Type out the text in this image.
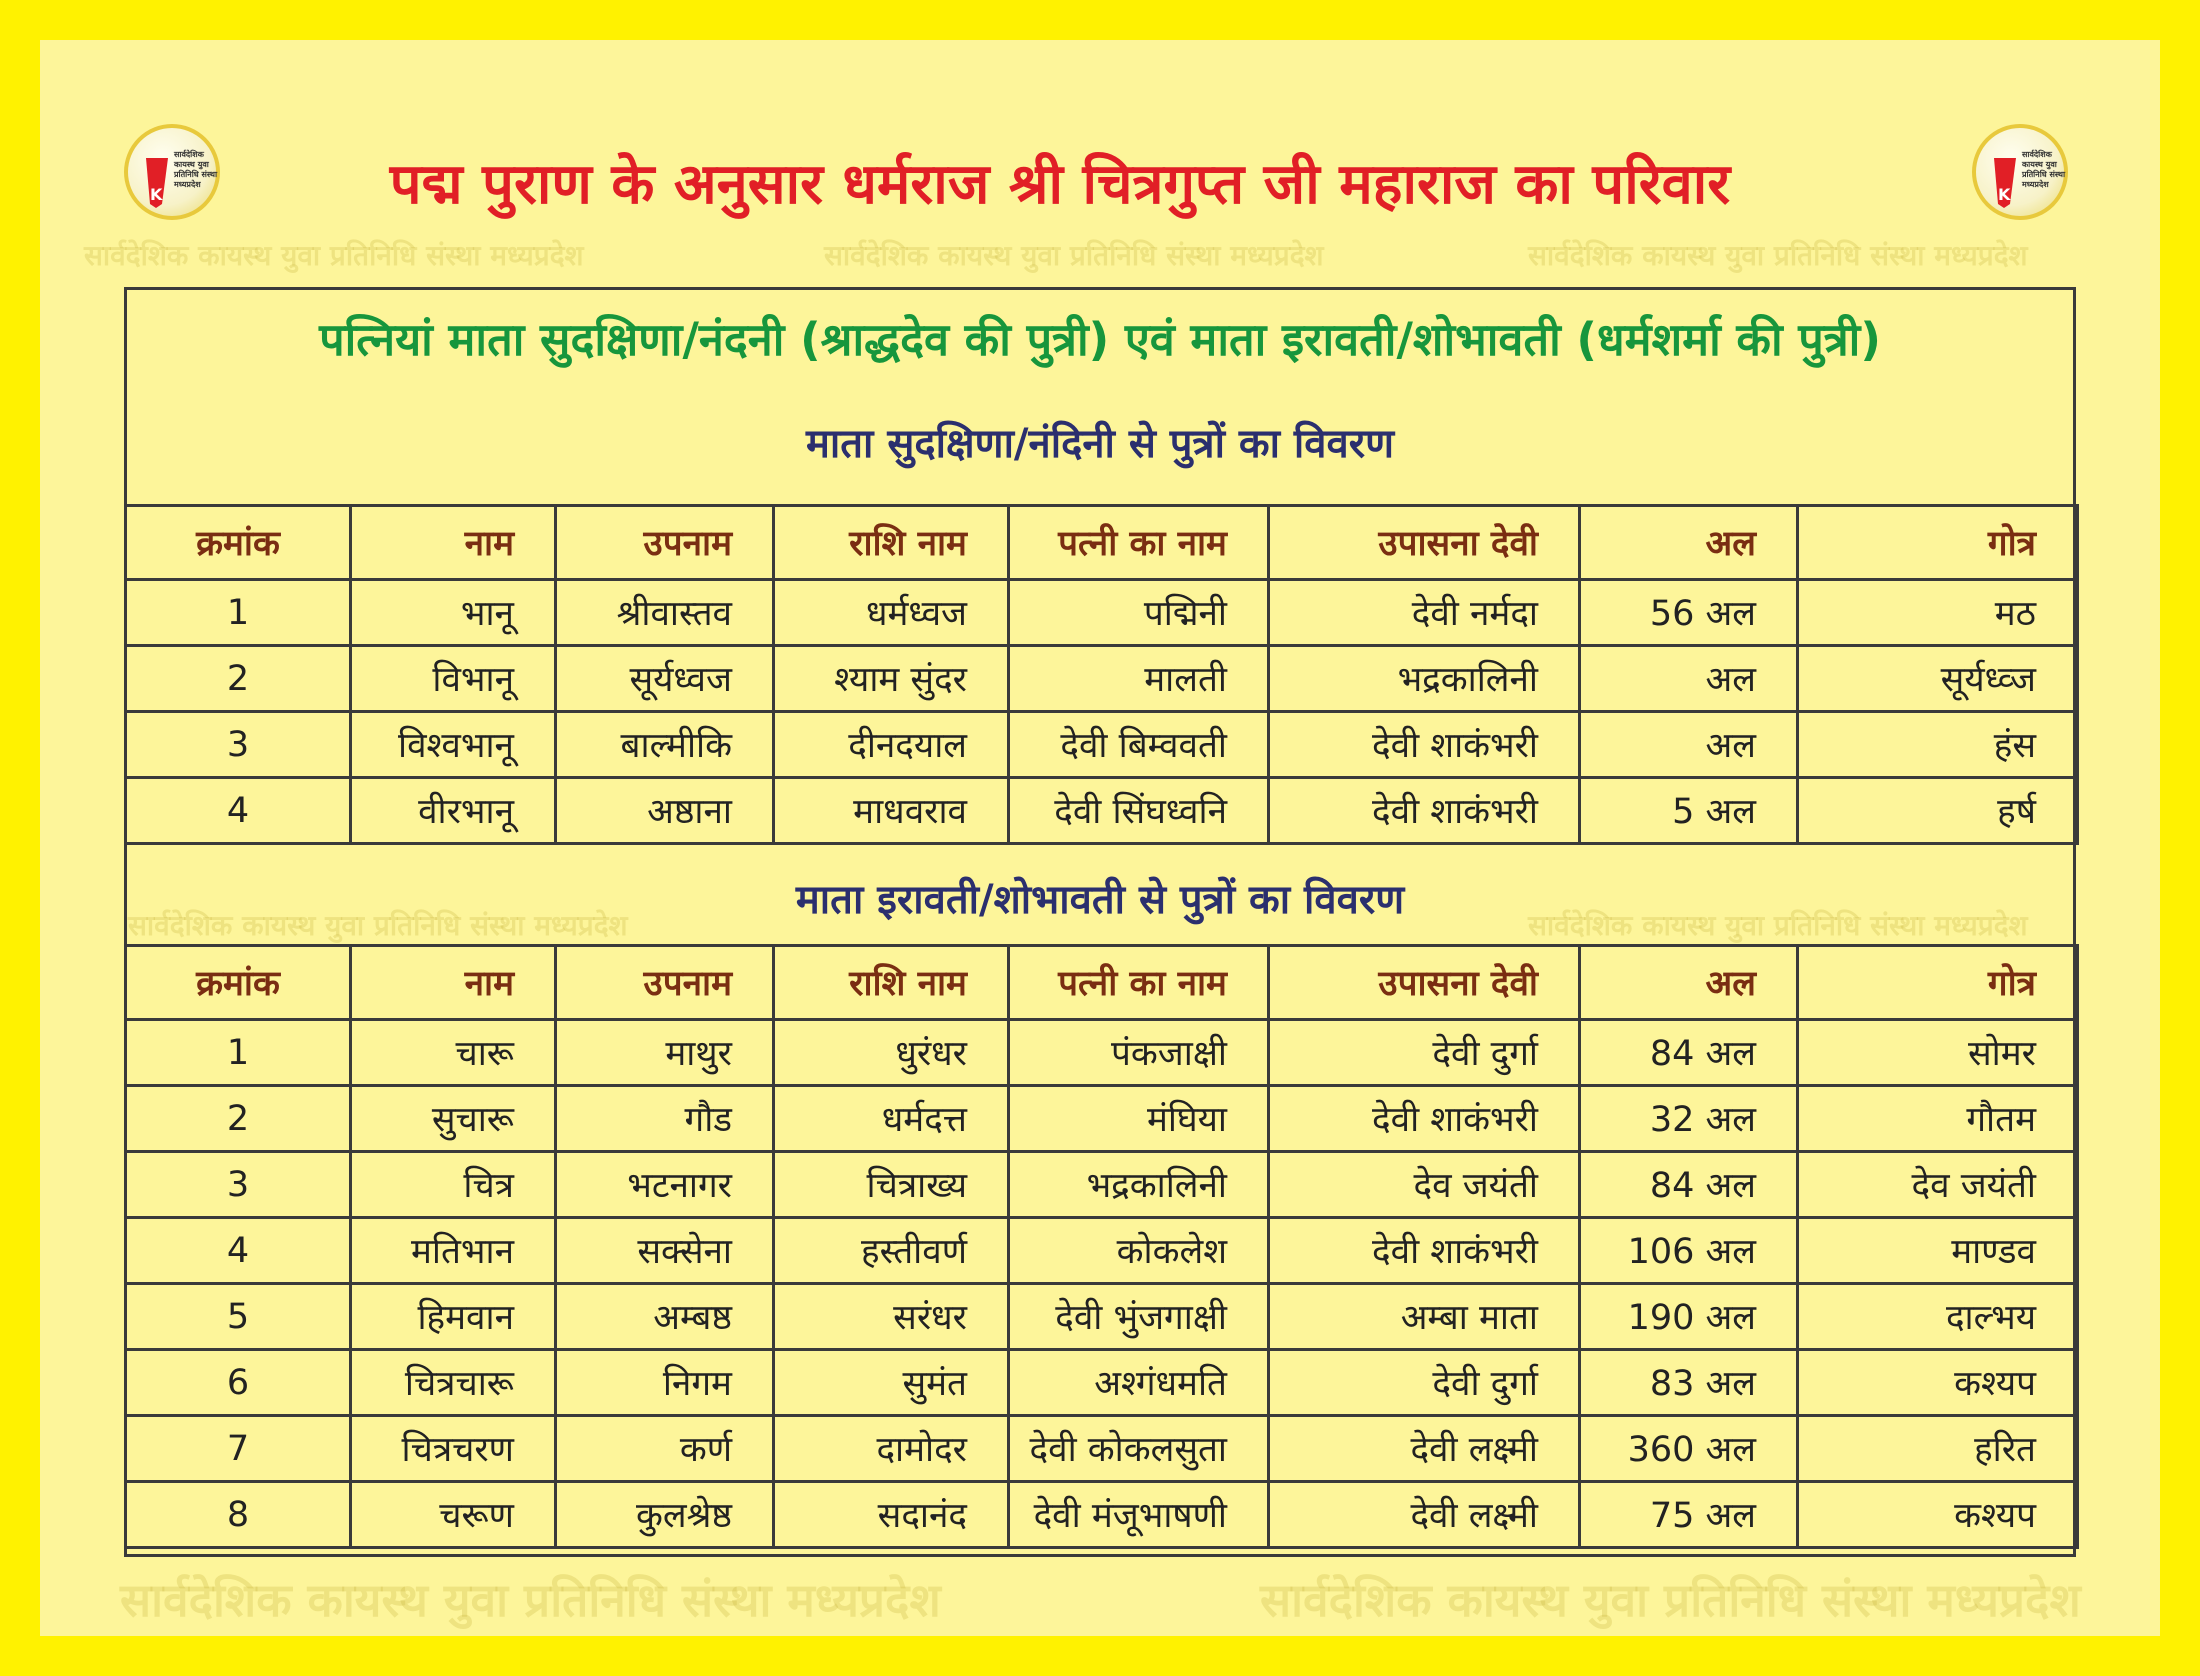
सार्वदेशिक कायस्थ युवा प्रतिनिधि संस्था मध्यप्रदेश	सार्वदेशिक कायस्थ युवा प्रतिनिधि संस्था मध्यप्रदेश	सार्वदेशिक कायस्थ युवा प्रतिनिधि संस्था मध्यप्रदेश
सार्वदेशिक कायस्थ युवा प्रतिनिधि संस्था मध्यप्रदेश	सार्वदेशिक कायस्थ युवा प्रतिनिधि संस्था मध्यप्रदेश
सार्वदेशिक कायस्थ युवा प्रतिनिधि संस्था मध्यप्रदेश	सार्वदेशिक कायस्थ युवा प्रतिनिधि संस्था मध्यप्रदेश
K
सार्वदेशिक कायस्थ युवा प्रतिनिधि संस्था मध्यप्रदेश
K
सार्वदेशिक कायस्थ युवा प्रतिनिधि संस्था मध्यप्रदेश
पद्म पुराण के अनुसार धर्मराज श्री चित्रगुप्त जी महाराज का परिवार
पत्नियां माता सुदक्षिणा/नंदनी (श्राद्धदेव की पुत्री) एवं माता इरावती/शोभावती (धर्मशर्मा की पुत्री)
माता सुदक्षिणा/नंदिनी से पुत्रों का विवरण
क्रमांक	नाम	उपनाम	राशि नाम	पत्नी का नाम	उपासना देवी	अल	गोत्र
1	भानू	श्रीवास्तव	धर्मध्वज	पद्मिनी	देवी नर्मदा	56 अल	मठ
2	विभानू	सूर्यध्वज	श्याम सुंदर	मालती	भद्रकालिनी	अल	सूर्यध्व्ज
3	विश्वभानू	बाल्मीकि	दीनदयाल	देवी बिम्ववती	देवी शाकंभरी	अल	हंस
4	वीरभानू	अष्ठाना	माधवराव	देवी सिंघध्वनि	देवी शाकंभरी	5 अल	हर्ष
माता इरावती/शोभावती से पुत्रों का विवरण
क्रमांक	नाम	उपनाम	राशि नाम	पत्नी का नाम	उपासना देवी	अल	गोत्र
1	चारू	माथुर	धुरंधर	पंकजाक्षी	देवी दुर्गा	84 अल	सोमर
2	सुचारू	गौड	धर्मदत्त	मंघिया	देवी शाकंभरी	32 अल	गौतम
3	चित्र	भटनागर	चित्राख्य	भद्रकालिनी	देव जयंती	84 अल	देव जयंती
4	मतिभान	सक्सेना	हस्तीवर्ण	कोकलेश	देवी शाकंभरी	106 अल	माण्डव
5	हिमवान	अम्बष्ठ	सरंधर	देवी भुंजगाक्षी	अम्बा माता	190 अल	दाल्भय
6	चित्रचारू	निगम	सुमंत	अश्गंधमति	देवी दुर्गा	83 अल	कश्यप
7	चित्रचरण	कर्ण	दामोदर	देवी कोकलसुता	देवी लक्ष्मी	360 अल	हरित
8	चरूण	कुलश्रेष्ठ	सदानंद	देवी मंजूभाषणी	देवी लक्ष्मी	75 अल	कश्यप
